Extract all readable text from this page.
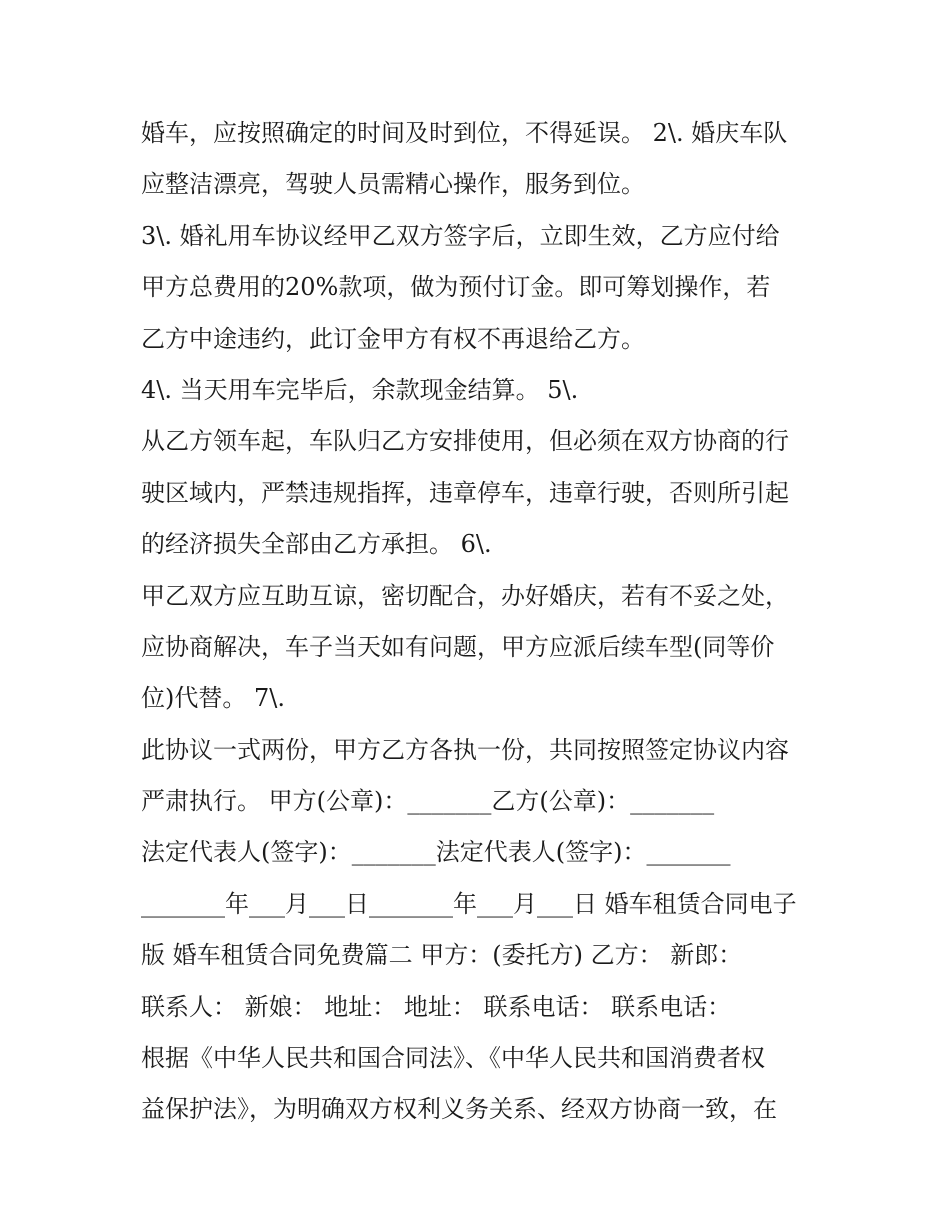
婚车，应按照确定的时间及时到位，不得延误。 2\. 婚庆车队
应整洁漂亮，驾驶人员需精心操作，服务到位。
3\. 婚礼用车协议经甲乙双方签字后，立即生效，乙方应付给
甲方总费用的20%款项，做为预付订金。即可筹划操作，若
乙方中途违约，此订金甲方有权不再退给乙方。
4\. 当天用车完毕后，余款现金结算。 5\.
从乙方领车起，车队归乙方安排使用，但必须在双方协商的行
驶区域内，严禁违规指挥，违章停车，违章行驶，否则所引起
的经济损失全部由乙方承担。 6\.
甲乙双方应互助互谅，密切配合，办好婚庆，若有不妥之处，
应协商解决，车子当天如有问题，甲方应派后续车型(同等价
位)代替。 7\.
此协议一式两份，甲方乙方各执一份，共同按照签定协议内容
严肃执行。 甲方(公章)：_______乙方(公章)：_______
法定代表人(签字)：_______法定代表人(签字)：_______
_______年___月___日_______年___月___日 婚车租赁合同电子
版 婚车租赁合同免费篇二 甲方：(委托方) 乙方： 新郎：
联系人： 新娘： 地址： 地址： 联系电话： 联系电话：
根据《中华人民共和国合同法》、《中华人民共和国消费者权
益保护法》，为明确双方权利义务关系、经双方协商一致，在
